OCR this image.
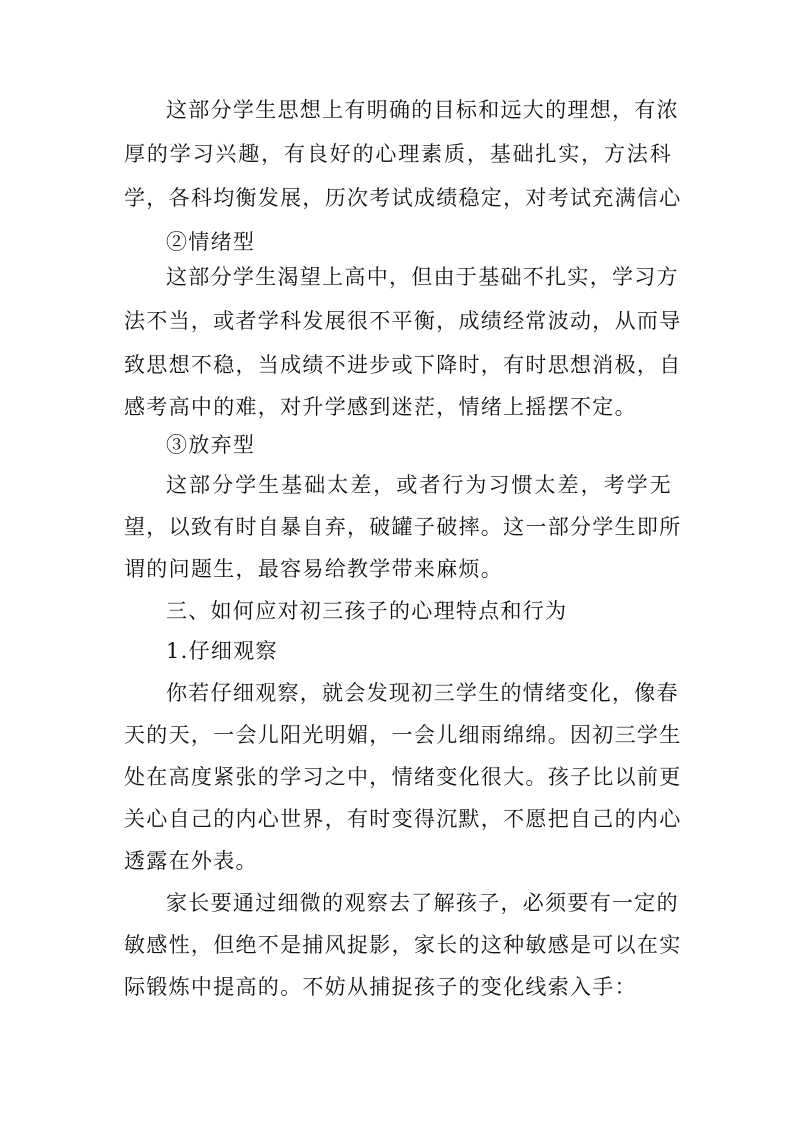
这部分学生思想上有明确的目标和远大的理想，有浓
厚的学习兴趣，有良好的心理素质，基础扎实，方法科
学，各科均衡发展，历次考试成绩稳定，对考试充满信心
②情绪型
这部分学生渴望上高中，但由于基础不扎实，学习方
法不当，或者学科发展很不平衡，成绩经常波动，从而导
致思想不稳，当成绩不进步或下降时，有时思想消极，自
感考高中的难，对升学感到迷茫，情绪上摇摆不定。
③放弃型
这部分学生基础太差，或者行为习惯太差，考学无
望，以致有时自暴自弃，破罐子破摔。这一部分学生即所
谓的问题生，最容易给教学带来麻烦。
三、如何应对初三孩子的心理特点和行为
1.仔细观察
你若仔细观察，就会发现初三学生的情绪变化，像春
天的天，一会儿阳光明媚，一会儿细雨绵绵。因初三学生
处在高度紧张的学习之中，情绪变化很大。孩子比以前更
关心自己的内心世界，有时变得沉默，不愿把自己的内心
透露在外表。
家长要通过细微的观察去了解孩子，必须要有一定的
敏感性，但绝不是捕风捉影，家长的这种敏感是可以在实
际锻炼中提高的。不妨从捕捉孩子的变化线索入手：
